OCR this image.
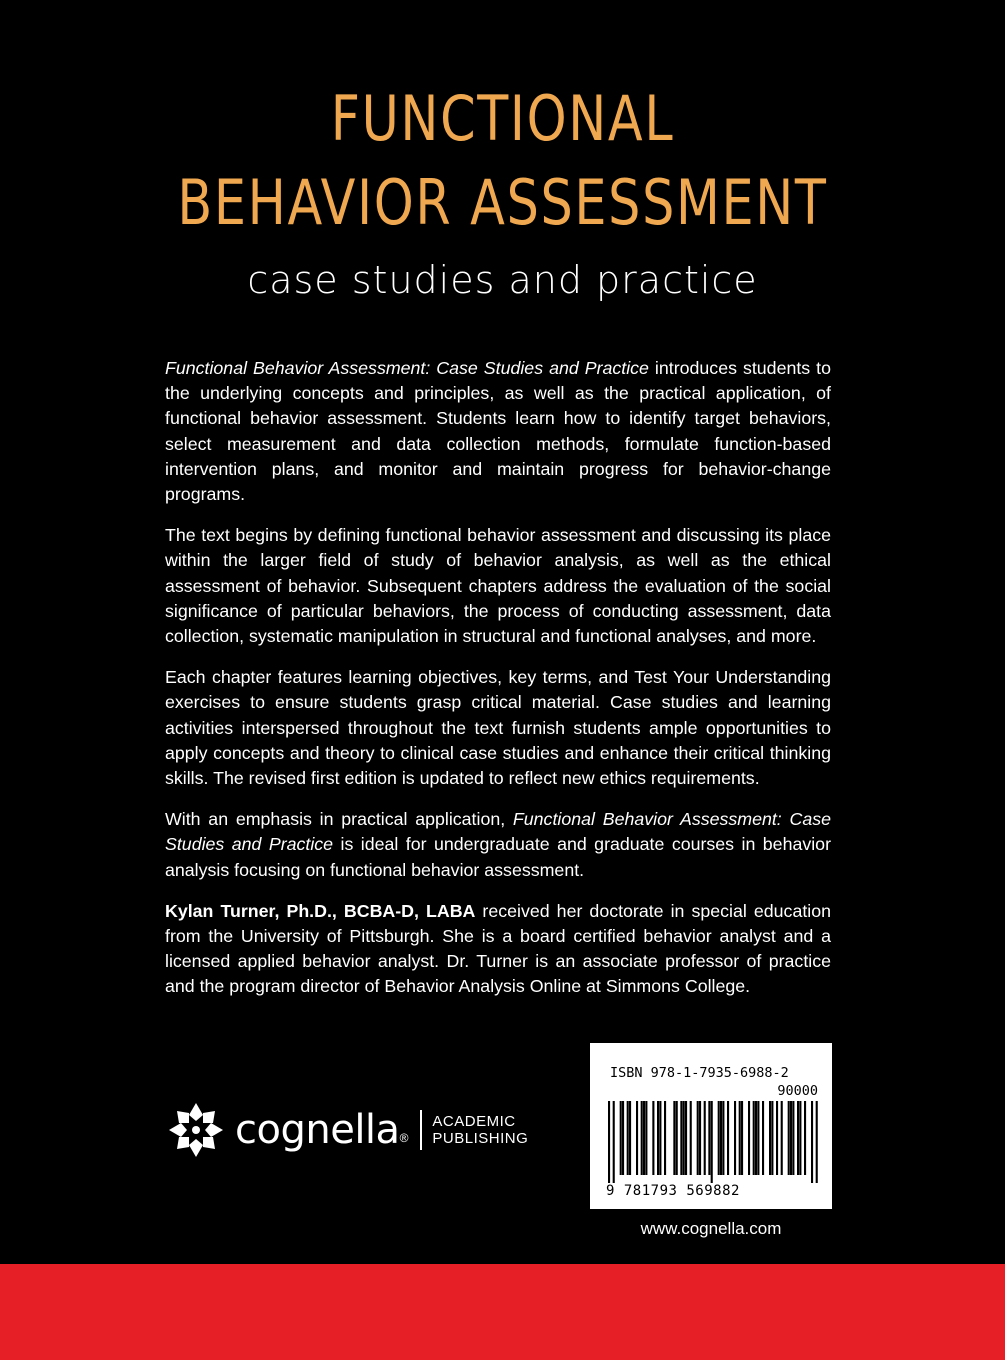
FUNCTIONAL
BEHAVIOR ASSESSMENT
case studies and practice

Functional Behavior Assessment: Case Studies and Practice introduces students to the underlying concepts and principles, as well as the practical application, of functional behavior assessment. Students learn how to identify target behaviors, select measurement and data collection methods, formulate function-based intervention plans, and monitor and maintain progress for behavior-change programs.

The text begins by defining functional behavior assessment and discussing its place within the larger field of study of behavior analysis, as well as the ethical assessment of behavior. Subsequent chapters address the evaluation of the social significance of particular behaviors, the process of conducting assessment, data collection, systematic manipulation in structural and functional analyses, and more.

Each chapter features learning objectives, key terms, and Test Your Understanding exercises to ensure students grasp critical material. Case studies and learning activities interspersed throughout the text furnish students ample opportunities to apply concepts and theory to clinical case studies and enhance their critical thinking skills. The revised first edition is updated to reflect new ethics requirements.

With an emphasis in practical application, Functional Behavior Assessment: Case Studies and Practice is ideal for undergraduate and graduate courses in behavior analysis focusing on functional behavior assessment.

Kylan Turner, Ph.D., BCBA-D, LABA received her doctorate in special education from the University of Pittsburgh. She is a board certified behavior analyst and a licensed applied behavior analyst. Dr. Turner is an associate professor of practice and the program director of Behavior Analysis Online at Simmons College.

cognella ®
ACADEMIC
PUBLISHING
ISBN 978-1-7935-6988-2
90000
9 781793 569882
www.cognella.com
